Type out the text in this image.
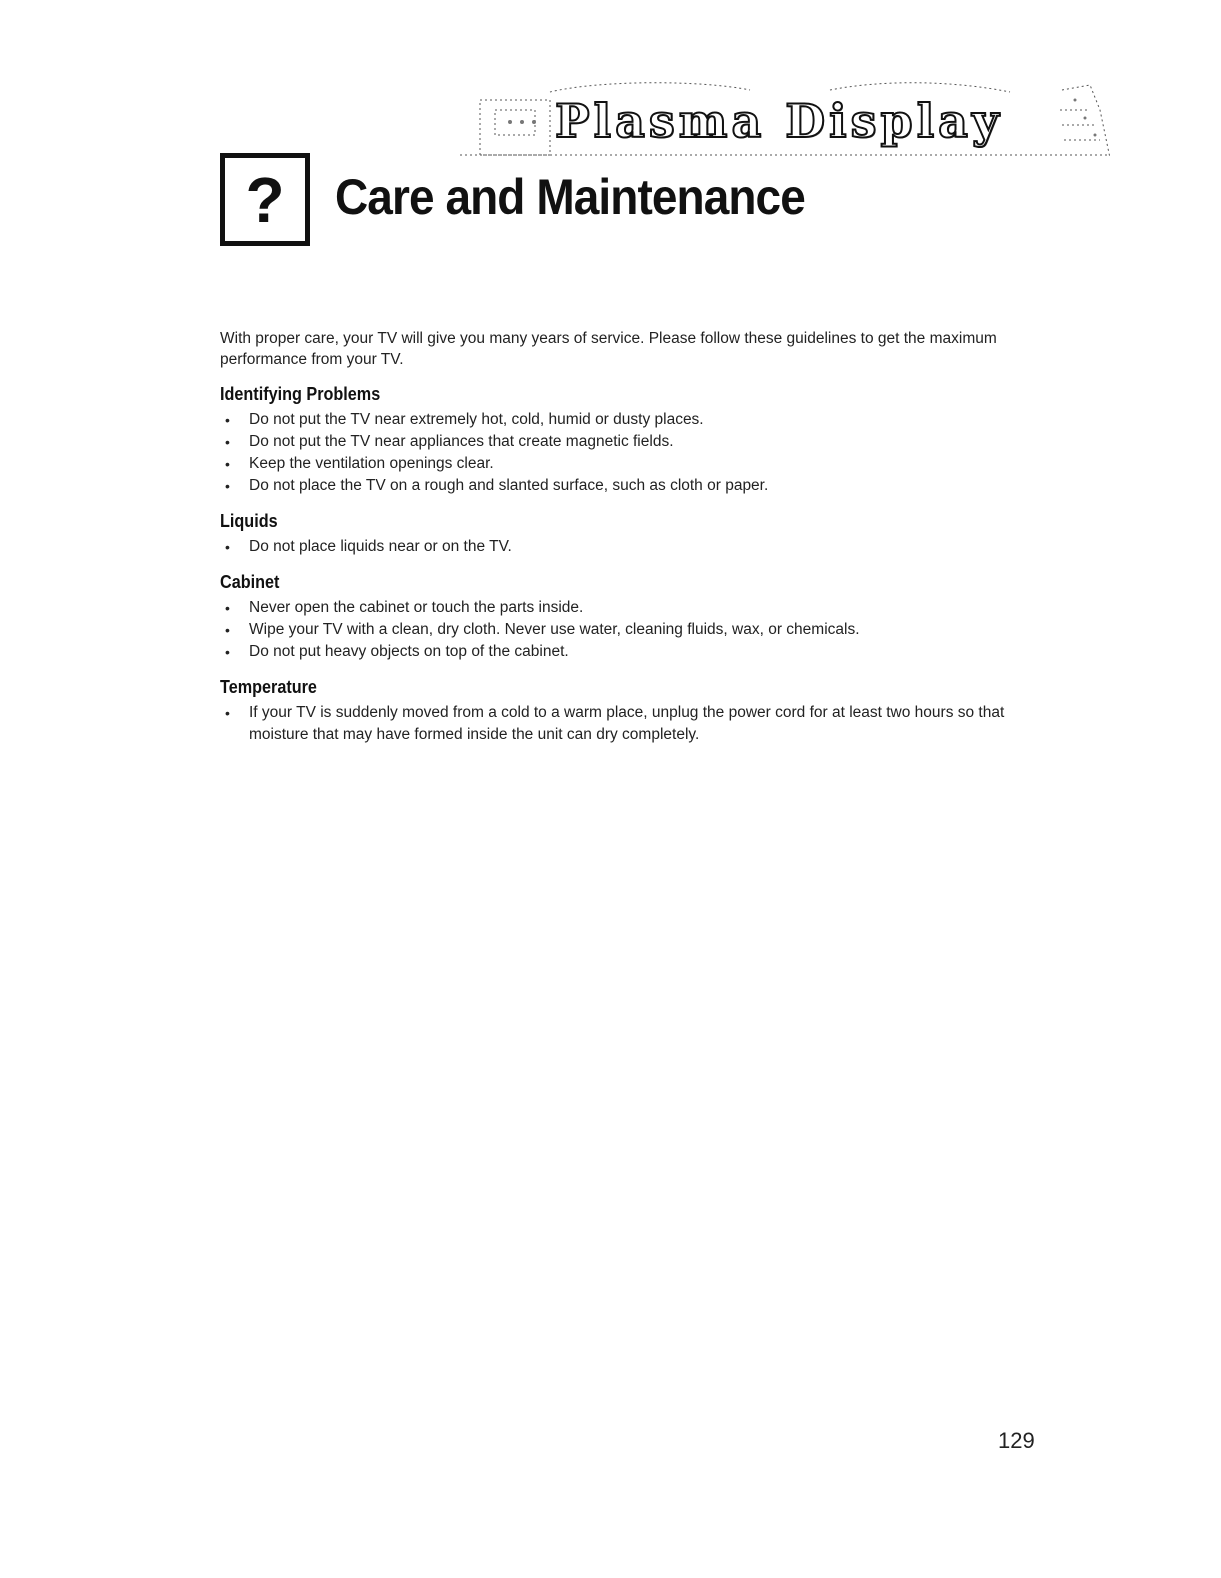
Plasma Display
?	Care and Maintenance

With proper care, your TV will give you many years of service. Please follow these guidelines to get the maximum performance from your TV.

Identifying Problems
• Do not put the TV near extremely hot, cold, humid or dusty places.
• Do not put the TV near appliances that create magnetic fields.
• Keep the ventilation openings clear.
• Do not place the TV on a rough and slanted surface, such as cloth or paper.
Liquids
• Do not place liquids near or on the TV.
Cabinet
• Never open the cabinet or touch the parts inside.
• Wipe your TV with a clean, dry cloth. Never use water, cleaning fluids, wax, or chemicals.
• Do not put heavy objects on top of the cabinet.
Temperature
• If your TV is suddenly moved from a cold to a warm place, unplug the power cord for at least two hours so that moisture that may have formed inside the unit can dry completely.
129
